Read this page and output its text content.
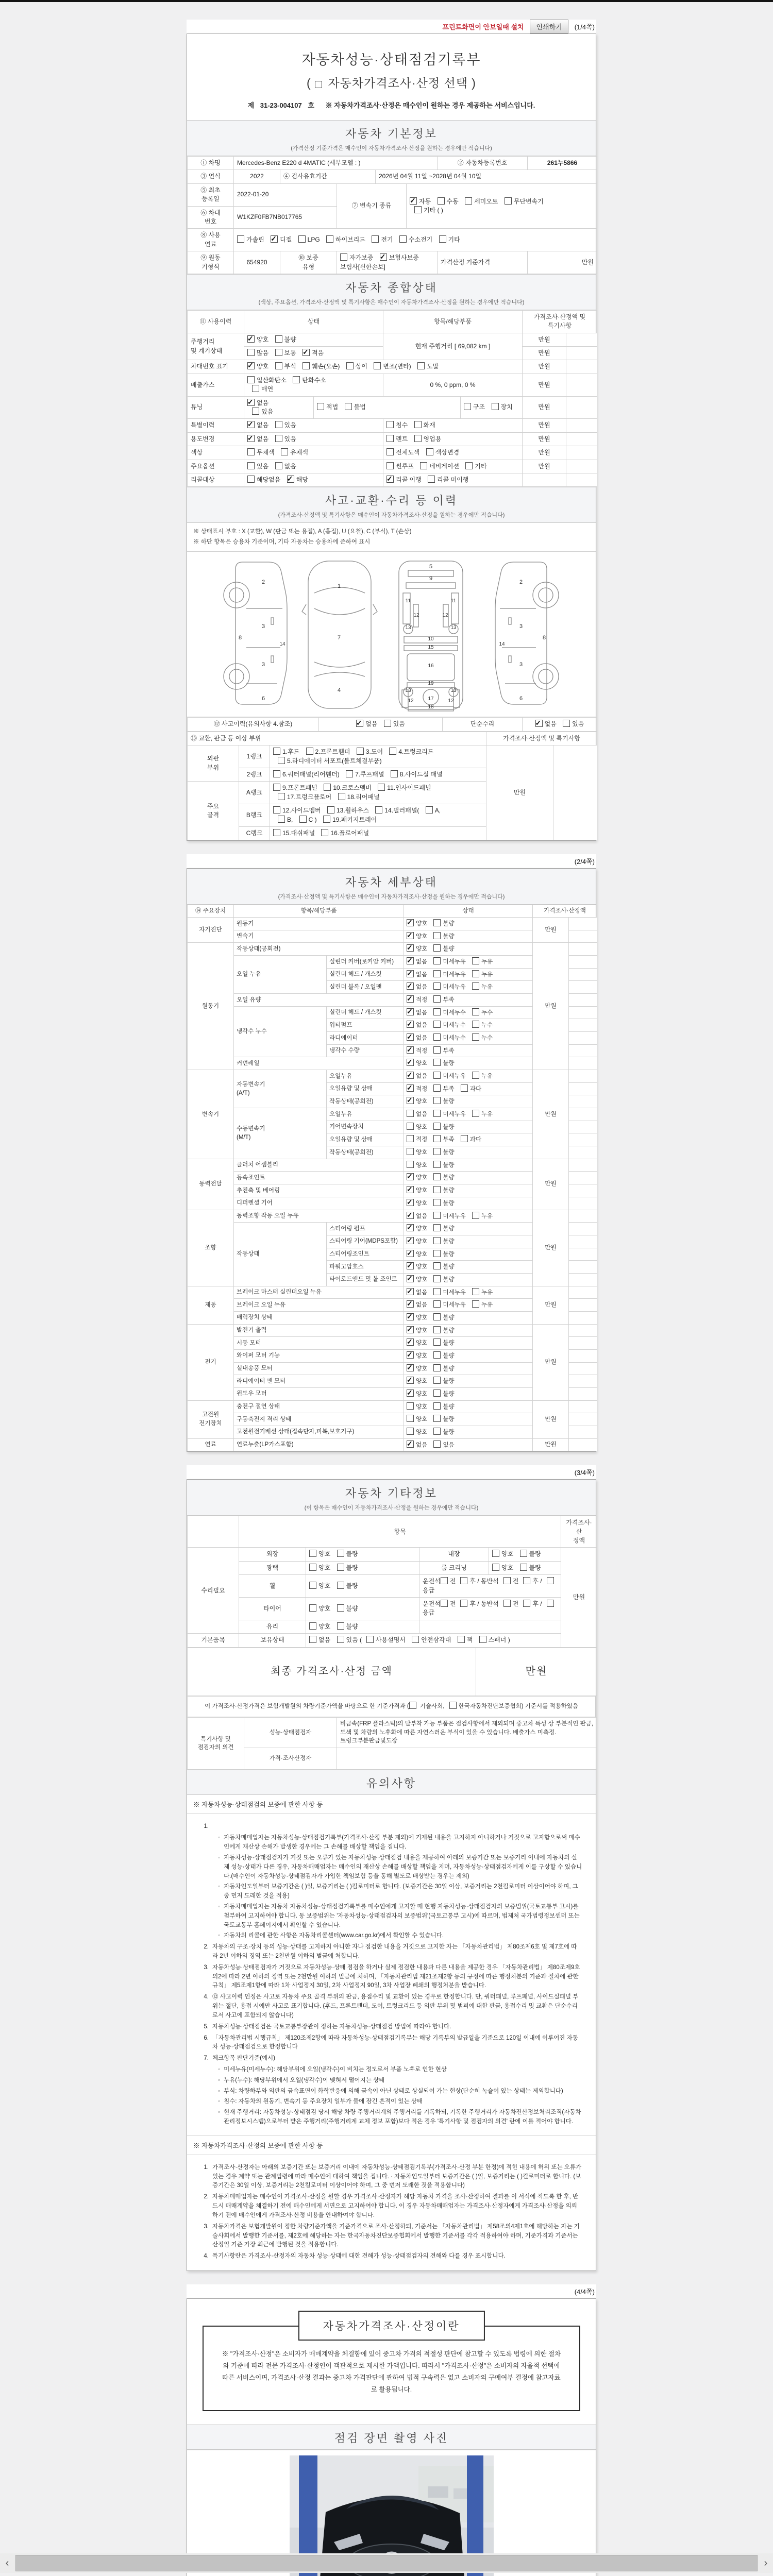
프린트화면이 안보일때 설치	인쇄하기	(1/4쪽)
자동차성능·상태점검기록부
(  자동차가격조사·산정 선택 )
제 31-23-004107 호 ※ 자동차가격조사·산정은 매수인이 원하는 경우 제공하는 서비스입니다.
자동차 기본정보
(가격산정 기준가격은 매수인이 자동차가격조사·산정을 원하는 경우에만 적습니다)
① 차명	Mercedes-Benz E220 d 4MATIC (세부모델 : )					② 자동차등록번호	261누5866
③ 연식	2022	④ 검사유효기간		2026년 04월 11일 ~2028년 04월 10일			
⑤ 최초
등록일	2022-01-20		⑦ 변속기 종류	✓자동 수동 세미오토 무단변속기
기타 ( )
⑥ 차대
번호	W1KZF0FB7NB017765						
⑧ 사용
연료	가솔린 ✓디젤 LPG 하이브리드 전기 수소전기 기타
⑨ 원동
기형식	654920	⑩ 보증
유형	자가보증 ✓보험사보증 보험사[신한손보]			가격산정 기준가격	만원
자동차 종합상태
(색상, 주요옵션, 가격조사·산정액 및 특기사항은 매수인이 자동차가격조사·산정을 원하는 경우에만 적습니다)
⑪ 사용이력	상태		항목/해당부품		가격조사·산정액 및 특기사항	
주행거리
및 계기상태	✓양호 불량		현재 주행거리 [ 69,082 km ]		만원	
	많음 보통 ✓적음				만원	
차대번호 표기	✓양호 부식 훼손(오손) 상이 변조(변타) 도말				만원	
배출가스	일산화탄소 탄화수소
매연		0 %, 0 ppm, 0 %		만원	
튜닝	✓없음
있음	적법 불법		구조 장치	만원	
특별이력	✓없음 있음		침수 화재		만원	
용도변경	✓없음 있음		렌트 영업용		만원	
색상	무채색 유채색		전체도색 색상변경		만원	
주요옵션	있음 없음		썬루프 네비게이션 기타		만원	
리콜대상	해당없음 ✓해당	✓리콜 이행 리콜 미이행		
사고·교환·수리 등 이력
(가격조사·산정액 및 특기사항은 매수인이 자동차가격조사·산정을 원하는 경우에만 적습니다)
※ 상태표시 부호 : X (교환), W (판금 또는 용접), A (흠집), U (요철), C (부식), T (손상)
※ 하단 항목은 승용차 기준이며, 기타 자동차는 승용차에 준하여 표시
2
3
3
8
14
6
1
7
4
5
9
11	11
12	12
13	13
10
15
16
19
13	13
17
12	12
18
2
3
3
8
14
6
⑫ 사고이력(유의사항 4.참조)	✓없음 있음	단순수리	✓없음 있음
⑬ 교환, 판금 등 이상 부위			가격조사·산정액 및 특기사항	
외판
부위	1랭크	1.후드 2.프론트휀더 3.도어 4.트렁크리드
5.라디에이터 서포트(볼트체결부품)	만원	
	2랭크	6.쿼터패널(리어휀더) 7.루프패널 8.사이드실 패널		
주요
골격	A랭크	9.프론트패널 10.크로스멤버 11.인사이드패널
17.트렁크플로어 18.리어패널		
	B랭크	12.사이드멤버 13.휠하우스 14.필러패널( A,
B, C ) 19.패키지트레이		
	C랭크	15.대쉬패널 16.플로어패널		
(2/4쪽)
자동차 세부상태
(가격조사·산정액 및 특기사항은 매수인이 자동차가격조사·산정을 원하는 경우에만 적습니다)
⑭ 주요장치	항목/해당부품		상태	가격조사·산정액	
자기진단	원동기	✓양호 불량	만원	
	변속기	✓양호 불량	
원동기	작동상태(공회전)	✓양호 불량	만원	
	오일 누유	실린더 커버(로커암 커버)	✓없음 미세누유 누유	
		실린더 헤드 / 개스킷	✓없음 미세누유 누유	
		실린더 블록 / 오일팬	✓없음 미세누유 누유	
	오일 유량	✓적정 부족	
	냉각수 누수	실린더 헤드 / 개스킷	✓없음 미세누수 누수	
		워터펌프	✓없음 미세누수 누수	
		라디에이터	✓없음 미세누수 누수	
		냉각수 수량	✓적정 부족	
	커먼레일	✓양호 불량	
변속기	자동변속기
(A/T)	오일누유	✓없음 미세누유 누유	만원	
		오일유량 및 상태	✓적정 부족 과다	
		작동상태(공회전)	✓양호 불량	
	수동변속기
(M/T)	오일누유	없음 미세누유 누유		
		기어변속장치	양호 불량		
		오일유량 및 상태	적정 부족 과다		
		작동상태(공회전)	양호 불량		
동력전달	클러치 어셈블리		양호 불량	만원	
	등속죠인트	✓양호 불량	
	추진축 및 베어링	✓양호 불량	
	디퍼렌셜 기어	✓양호 불량	
조향	동력조향 작동 오일 누유	✓없음 미세누유 누유	만원	
	작동상태	스티어링 펌프	✓양호 불량	
		스티어링 기어(MDPS포함)	✓양호 불량	
		스티어링조인트	✓양호 불량	
		파워고압호스	✓양호 불량	
		타이로드엔드 및 볼 조인트	✓양호 불량	
제동	브레이크 마스터 실린더오일 누유	✓없음 미세누유 누유	만원	
	브레이크 오일 누유	✓없음 미세누유 누유	
	배력장치 상태	✓양호 불량	
전기	발전기 출력	✓양호 불량	만원	
	시동 모터	✓양호 불량	
	와이퍼 모터 기능	✓양호 불량	
	실내송풍 모터	✓양호 불량	
	라디에이터 팬 모터	✓양호 불량	
	윈도우 모터	✓양호 불량	
고전원
전기장치	충전구 절연 상태		양호 불량	만원	
	구동축전지 격리 상태		양호 불량		
	고전원전기배선 상태(접속단자,피복,보호기구)		양호 불량		
연료	연료누출(LP가스포함)	✓없음 있음	만원	
(3/4쪽)
자동차 기타정보
(이 항목은 매수인이 자동차가격조사·산정을 원하는 경우에만 적습니다)
	항목				가격조사·산
정액
수리필요	외장	양호 불량	내장	양호 불량	만원
	광택	양호 불량	룸 크리닝	양호 불량	
	휠	양호 불량	운전석 전 후 / 동반석 전 후 /응급		
	타이어	양호 불량	운전석 전 후 / 동반석 전 후 /응급		
	유리	양호 불량			
기본품목	보유상태	없음 있음 ( 사용설명서 안전삼각대 잭 스패너 )			
최종 가격조사·산정 금액	만원
이 가격조사·산정가격은 보험개발원의 차량기준가액을 바탕으로 한 기준가격과 ( 기술사회, 한국자동차진단보증협회) 기준서를 적용하였음
특기사항 및
점검자의 의견	성능·상태점검자	비금속(FRP 플라스틱)의 탈부착 가능 부품은 점검사항에서 제외되며 중고차 특성 상 부분적인 판금, 도색 및 차량의 노후화에 따른 자연스러운 부식이 있을 수 있습니다. 배출가스 미측정.트렁크부분판금및도장
	가격·조사산정자	

유의사항
※ 자동차성능·상태점검의 보증에 관한 사항 등
1.
◦ 자동차매매업자는 자동차성능·상태점검기록부(가격조사·산정 부분 제외)에 기재된 내용을 고지하지 아니하거나 거짓으로 고지함으로써 매수인에게 재산상 손해가 발생한 경우에는 그 손해를 배상할 책임을 집니다.
◦ 자동차성능·상태점검자가 거짓 또는 오류가 있는 자동차성능·상태점검 내용을 제공하여 아래의 보증기간 또는 보증거리 이내에 자동차의 실제 성능·상태가 다른 경우, 자동차매매업자는 매수인의 재산상 손해를 배상할 책임을 지며, 자동차성능·상태점검자에게 이를 구상할 수 있습니다.(매수인이 자동차성능·상태점검자가 가입한 책임보험 등을 통해 별도로 배상받는 경우는 제외)
◦ 자동차인도일부터 보증기간은 ( )일, 보증거리는 ( )킬로미터로 합니다. (보증기간은 30일 이상, 보증거리는 2천킬로미터 이상이어야 하며, 그 중 먼저 도래한 것을 적용)
◦ 자동차매매업자는 자동차 자동차성능·상태점검기록부를 매수인에게 고지할 때 현행 자동차성능·상태점검자의 보증범위(국토교통부 고시)를 첨부하여 고지하여야 합니다. 동 보증범위는 '자동차성능·상태점검자의 보증범위'(국토교통부 고시)에 따르며, 법제처 국가법령정보센터 또는 국토교통부 홈페이지에서 확인할 수 있습니다.
◦ 자동차의 리콜에 관한 사항은 자동차리콜센터(www.car.go.kr)에서 확인할 수 있습니다.
2. 자동차의 구조·장치 등의 성능·상태를 고지하지 아니한 자나 점검한 내용을 거짓으로 고지한 자는 「자동차관리법」 제80조제6호 및 제7호에 따라 2년 이하의 징역 또는 2천만원 이하의 벌금에 처합니다.
3. 자동차성능·상태점검자가 거짓으로 자동차성능·상태 점검을 하거나 실제 점검한 내용과 다른 내용을 제공한 경우 「자동차관리법」 제80조제9호의2에 따라 2년 이하의 징역 또는 2천만원 이하의 벌금에 처하며, 「자동차관리법 제21조제2항 등의 규정에 따른 행정처분의 기준과 절차에 관한 규칙」 제5조제1항에 따라 1차 사업정지 30일, 2차 사업정지 90일, 3차 사업장 폐쇄의 행정처분을 받습니다.
4. ⑫ 사고이력 인정은 사고로 자동차 주요 골격 부위의 판금, 용접수리 및 교환이 있는 경우로 한정합니다. 단, 쿼터패널, 루프패널, 사이드실패널 부위는 절단, 용접 시에만 사고로 표기합니다. (후드, 프론트펜더, 도어, 트렁크리드 등 외판 부위 및 범퍼에 대한 판금, 용접수리 및 교환은 단순수리로서 사고에 포함되지 않습니다)
5. 자동차성능·상태점검은 국토교통부장관이 정하는 자동차성능·상태점검 방법에 따라야 합니다.
6. 「자동차관리법 시행규칙」 제120조제2항에 따라 자동차성능·상태점검기록부는 해당 기록부의 발급일을 기준으로 120일 이내에 이루어진 자동차 성능·상태점검으로 한정합니다
7. 체크항목 판단기준(예시)
◦ 미세누유(미세누수): 해당부위에 오일(냉각수)이 비치는 정도로서 부품 노후로 인한 현상
◦ 누유(누수): 해당부위에서 오일(냉각수)이 맺혀서 떨어지는 상태
◦ 부식: 차량하부와 외판의 금속표면이 화학반응에 의해 금속이 아닌 상태로 상실되어 가는 현상(단순히 녹슬어 있는 상태는 제외합니다)
◦ 침수: 자동차의 원동기, 변속기 등 주요장치 일부가 물에 잠긴 흔적이 있는 상태
◦ 현재 주행거리: 자동차성능·상태점검 당시 해당 차량 주행거리계의 주행거리를 기록하되, 기록한 주행거리가 자동차전산정보처리조직(자동차관리정보시스템)으로부터 받은 주행거리(주행거리계 교체 정보 포함)보다 적은 경우 '특기사항 및 점검자의 의견' 란에 이를 적어야 합니다.
※ 자동차가격조사·산정의 보증에 관한 사항 등
1. 가격조사·산정자는 아래의 보증기간 또는 보증거리 이내에 자동차성능·상태점검기록부(가격조사·산정 부분 한정)에 적힌 내용에 허위 또는 오류가 있는 경우 계약 또는 관계법령에 따라 매수인에 대하여 책임을 집니다. · 자동차인도일부터 보증기간은 ( )일, 보증거리는 ( )킬로미터로 합니다. (보증기간은 30일 이상, 보증거리는 2천킬로미터 이상이어야 하며, 그 중 먼저 도래한 것을 적용합니다)
2. 자동차매매업자는 매수인이 가격조사·산정을 원할 경우 가격조사·산정자가 해당 자동차 가격을 조사·산정하여 결과를 이 서식에 적도록 한 후, 반드시 매매계약을 체결하기 전에 매수인에게 서면으로 고지하여야 합니다. 이 경우 자동차매매업자는 가격조사·산정자에게 가격조사·산정을 의뢰하기 전에 매수인에게 가격조사·산정 비용을 안내하여야 합니다.
3. 자동차가격은 보험개발원이 정한 차량기준가액을 기준가격으로 조사·산정하되, 기준서는 「자동차관리법」 제58조의4제1호에 해당하는 자는 기술사회에서 발행한 기준서를, 제2호에 해당하는 자는 한국자동차진단보증협회에서 발행한 기준서를 각각 적용하여야 하며, 기준가격과 기준서는 산정일 기준 가장 최근에 발행된 것을 적용합니다.
4. 특기사항란은 가격조사·산정자의 자동차 성능·상태에 대한 견해가 성능·상태점검자의 견해와 다를 경우 표시합니다.
(4/4쪽)
자동차가격조사·산정이란
※ "가격조사·산정"은 소비자가 매매계약을 체결함에 있어 중고차 가격의 적절성 판단에 참고할 수 있도록 법령에 의한 절차와 기준에 따라 전문 가격조사·산정인이 객관적으로 제시한 가액입니다. 따라서 "가격조사·산정"은 소비자의 자율적 선택에 따른 서비스이며, 가격조사·산정 결과는 중고차 가격판단에 관하여 법적 구속력은 없고 소비자의 구매여부 결정에 참고자료로 활용됩니다.
점검 장면 촬영 사진

‹	›
